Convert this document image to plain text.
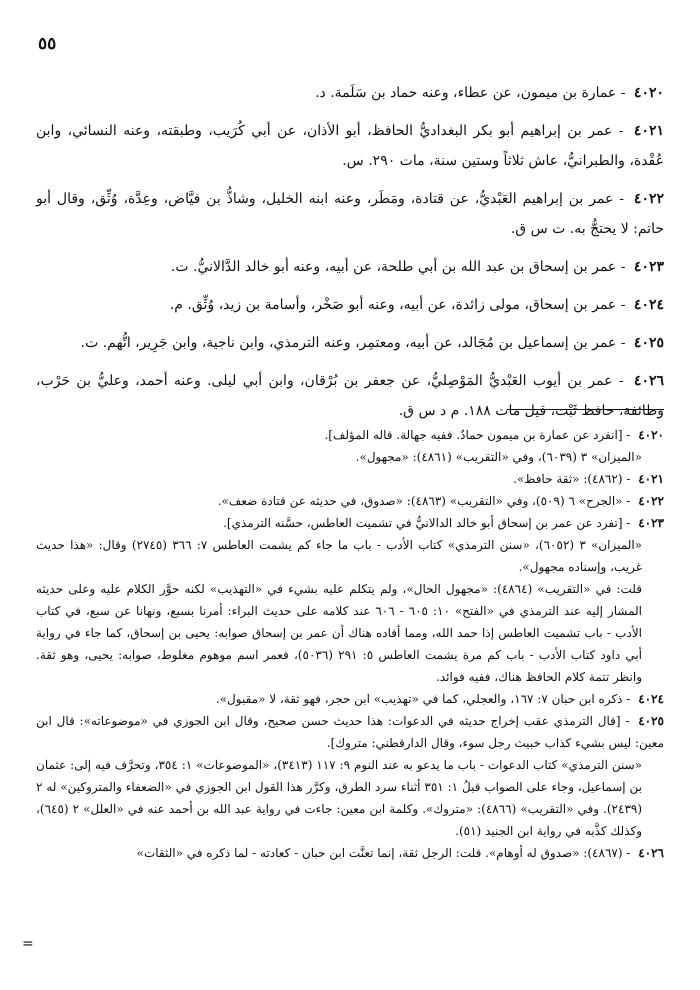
٥٥
٤٠٢٠ - عمارة بن ميمون، عن عطاء، وعنه حماد بن سَلَمة. د.
٤٠٢١ - عمر بن إبراهيم أبو بكر البغداديُّ الحافظ، أبو الأذان، عن أبي كُرَيب، وطبقته، وعنه النسائي، وابن عُقْدة، والطبرانيُّ، عاش ثلاثاً وستين سنة، مات ٢٩٠. س.
٤٠٢٢ - عمر بن إبراهيم العَبْديُّ، عن قتادة، ومَطَر، وعنه ابنه الخليل، وشاذُّ بن فيَّاض، وعِدَّة، وُثِّق، وقال أبو حاتم: لا يحتجُّ به. ت س ق.
٤٠٢٣ - عمر بن إسحاق بن عبد الله بن أبي طلحة، عن أبيه، وعنه أبو خالد الدَّالانيُّ. ت.
٤٠٢٤ - عمر بن إسحاق، مولى زائدة، عن أبيه، وعنه أبو صَخْر، وأسامة بن زيد، وُثِّق. م.
٤٠٢٥ - عمر بن إسماعيل بن مُجَالد، عن أبيه، ومعتمِر، وعنه الترمذي، وابن ناجية، وابن جَرِير، اتُّهم. ت.
٤٠٢٦ - عمر بن أيوب العَبْديُّ المَوْصِليُّ، عن جعفر بن بُرْقان، وابن أبي ليلى. وعنه أحمد، وعليُّ بن حَرْب، وطائفة، حافظ ثَبْت، قيل مات ١٨٨. م د س ق.
٤٠٢٠ - [انفرد عن عمارة بن ميمون حمادٌ. ففيه جهالة. قاله المؤلف].
«الميزان» ٣ (٦٠٣٩)، وفي «التقريب» (٤٨٦١): «مجهول».
٤٠٢١ - (٤٨٦٢): «ثقة حافظ».
٤٠٢٢ - «الجرح» ٦ (٥٠٩)، وفي «التقريب» (٤٨٦٣): «صدوق، في حديثه عن قتادة ضعف».
٤٠٢٣ - [تفرد عن عمر بن إسحاق أبو خالد الدالانيُّ في تشميت العاطس، حسَّنه الترمذي].
«الميزان» ٣ (٦٠٥٢)، «سنن الترمذي» كتاب الأدب - باب ما جاء كم يشمت العاطس ٧: ٣٦٦ (٢٧٤٥) وقال: «هذا حديث غريب، وإسناده مجهول».
قلت: في «التقريب» (٤٨٦٤): «مجهول الحال»، ولم يتكلم عليه بشيء في «التهذيب» لكنه حوَّر الكلام عليه وعلى حديثه المشار إليه عند الترمذي في «الفتح» ١٠: ٦٠٥ - ٦٠٦ عند كلامه على حديث البراء: أمرنا بسبع، ونهانا عن سبع، في كتاب الأدب - باب تشميت العاطس إذا حمد الله، ومما أفاده هناك أن عمر بن إسحاق صوابه: يحيى بن إسحاق، كما جاء في رواية أبي داود كتاب الأدب - باب كم مرة يشمت العاطس ٥: ٢٩١ (٥٠٣٦)، فعمر اسم موهوم مغلوط، صوابه: يحيى، وهو ثقة. وانظر تتمة كلام الحافظ هناك، ففيه فوائد.
٤٠٢٤ - ذكره ابن حبان ٧: ١٦٧، والعجلي، كما في «تهذيب» ابن حجر، فهو ثقة، لا «مقبول».
٤٠٢٥ - [قال الترمذي عقب إخراج حديثه في الدعوات: هذا حديث حسن صحيح، وقال ابن الجوزي في «موضوعاته»: قال ابن معين: ليس بشيء كذاب خبيث رجل سوء، وقال الدارقطني: متروك].
«سنن الترمذي» كتاب الدعوات - باب ما يدعو به عند النوم ٩: ١١٧ (٣٤١٣)، «الموضوعات» ١: ٣٥٤، وتحرَّف فيه إلى: عثمان بن إسماعيل، وجاء على الصواب قبلُ ١: ٣٥١ أثناء سرد الطرق، وكرَّر هذا القول ابن الجوزي في «الضعفاء والمتروكين» له ٢ (٢٤٣٩). وفي «التقريب» (٤٨٦٦): «متروك». وكلمة ابن معين: جاءت في رواية عبد الله بن أحمد عنه في «العلل» ٢ (٦٤٥)، وكذلك كذَّبه في رواية ابن الجنيد (٥١).
٤٠٢٦ - (٤٨٦٧): «صدوق له أوهام». قلت: الرجل ثقة، إنما تعنَّت ابن حبان - كعادته - لما ذكره في «الثقات»
=
